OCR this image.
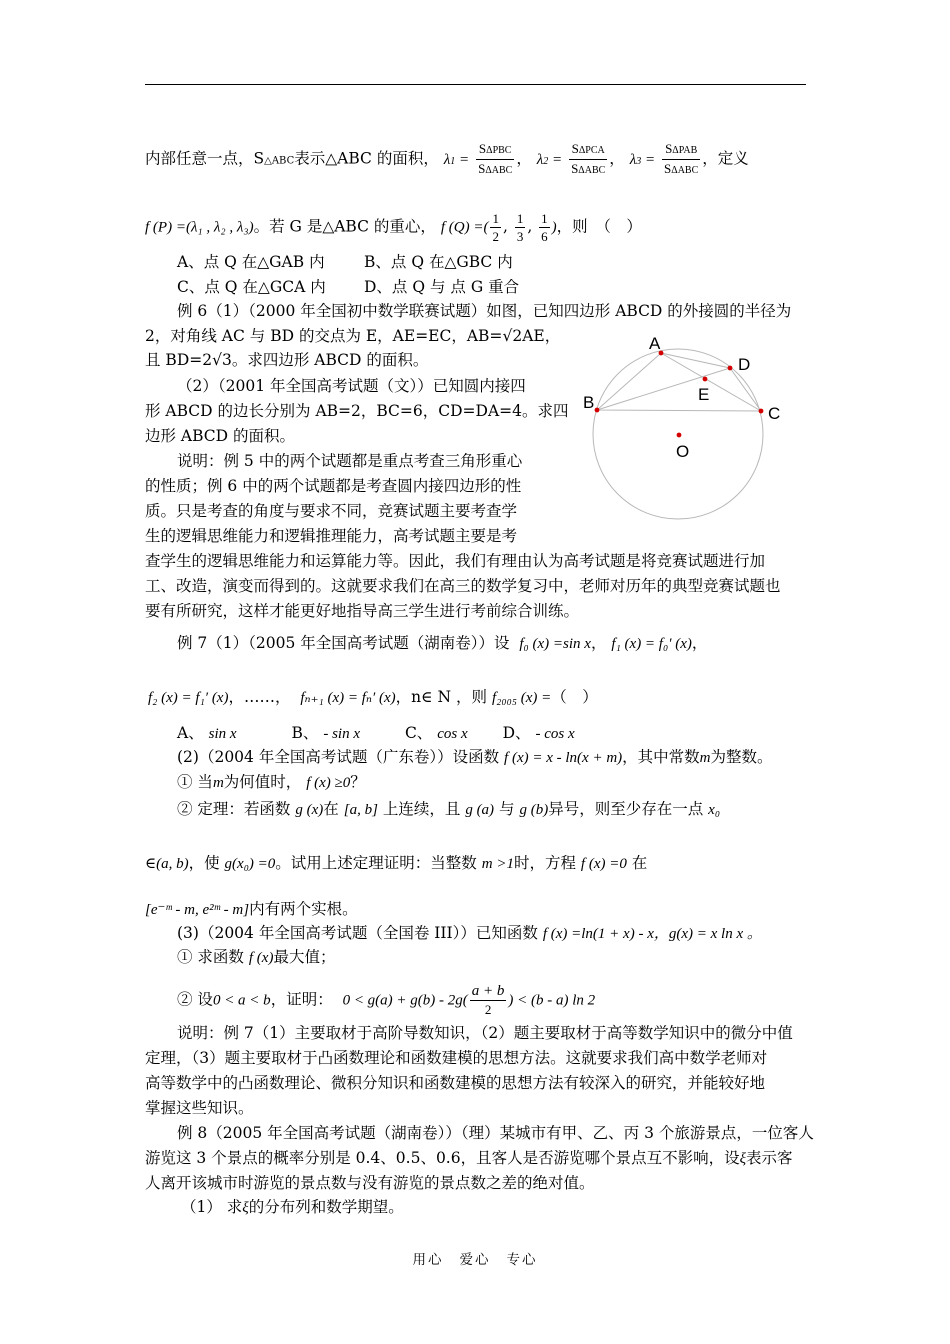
内部任意一点，S△ABC表示△ABC 的面积， $\lambda 1 = \frac{\text{SΔPBC}}{\text{SΔABC}}$ ， $\lambda 2 = \frac{\text{SΔPCA}}{\text{SΔABC}}$ ， $\lambda 3 = \frac{\text{SΔPAB}}{\text{SΔABC}}$ ，定义
f (P) =(λ₁ , λ₂ , λ₃)。若 G 是△ABC 的重心， f (Q) =( $\frac{1}{2}$ , $\frac{1}{3}$ , $\frac{1}{6}$ )，则　（　）
A、点 Q 在△GAB 内	B、点 Q 在△GBC 内
C、点 Q 在△GCA 内 D、点 Q 与 点 G 重合
例 6（1）（2000 年全国初中数学联赛试题）如图，已知四边形 ABCD 的外接圆的半径为
2，对角线 AC 与 BD 的交点为 E，AE=EC，AB=√2AE，
且 BD=2√3。求四边形 ABCD 的面积。
（2）（2001 年全国高考试题（文））已知圆内接四
形 ABCD 的边长分别为 AB=2，BC=6，CD=DA=4。求四
边形 ABCD 的面积。
说明：例 5 中的两个试题都是重点考查三角形重心
的性质；例 6 中的两个试题都是考查圆内接四边形的性
质。只是考查的角度与要求不同，竞赛试题主要考查学
生的逻辑思维能力和逻辑推理能力，高考试题主要是考
查学生的逻辑思维能力和运算能力等。因此，我们有理由认为高考试题是将竞赛试题进行加
工、改造，演变而得到的。这就要求我们在高三的数学复习中，老师对历年的典型竞赛试题也
要有所研究，这样才能更好地指导高三学生进行考前综合训练。
A
D
C
B	E
O
例 7（1）（2005 年全国高考试题（湖南卷））设 f₀ (x) =sin x， f₁ (x) = f₀′ (x)，
f₂ (x) = f₁′ (x)，……， fₙ₊₁ (x) = fₙ′ (x)，n∈ N ，则 f₂₀₀₅ (x) =（　）
A、 sin x	B、 - sin x	C、 cos x D、 - cos x
(2)（2004 年全国高考试题（广东卷））设函数 f (x) = x - ln(x + m)，其中常数m为整数。
① 当m为何值时， f (x) ≥0？
② 定理：若函数 g (x)在 [a, b] 上连续，且 g (a) 与 g (b)异号，则至少存在一点 x₀
∈(a, b)，使 g(x₀) =0。试用上述定理证明：当整数 m >1时，方程 f (x) =0 在
[e⁻ᵐ - m, e²ᵐ - m]内有两个实根。
(3)（2004 年全国高考试题（全国卷 III））已知函数 f (x) =ln(1 + x) - x，g(x) = x ln x 。
① 求函数 f (x)最大值；
② 设0 < a < b，证明： $0 < g(a) + g(b) - 2g( \frac{a + b}{2}$ ) < (b - a) ln 2
说明：例 7（1）主要取材于高阶导数知识，（2）题主要取材于高等数学知识中的微分中值
定理，（3）题主要取材于凸函数理论和函数建模的思想方法。这就要求我们高中数学老师对
高等数学中的凸函数理论、微积分知识和函数建模的思想方法有较深入的研究，并能较好地
掌握这些知识。
例 8（2005 年全国高考试题（湖南卷））（理）某城市有甲、乙、丙 3 个旅游景点，一位客人
游览这 3 个景点的概率分别是 0.4、0.5、0.6，且客人是否游览哪个景点互不影响，设ξ表示客
人离开该城市时游览的景点数与没有游览的景点数之差的绝对值。
（1） 求ξ的分布列和数学期望。
用心 爱心 专心
